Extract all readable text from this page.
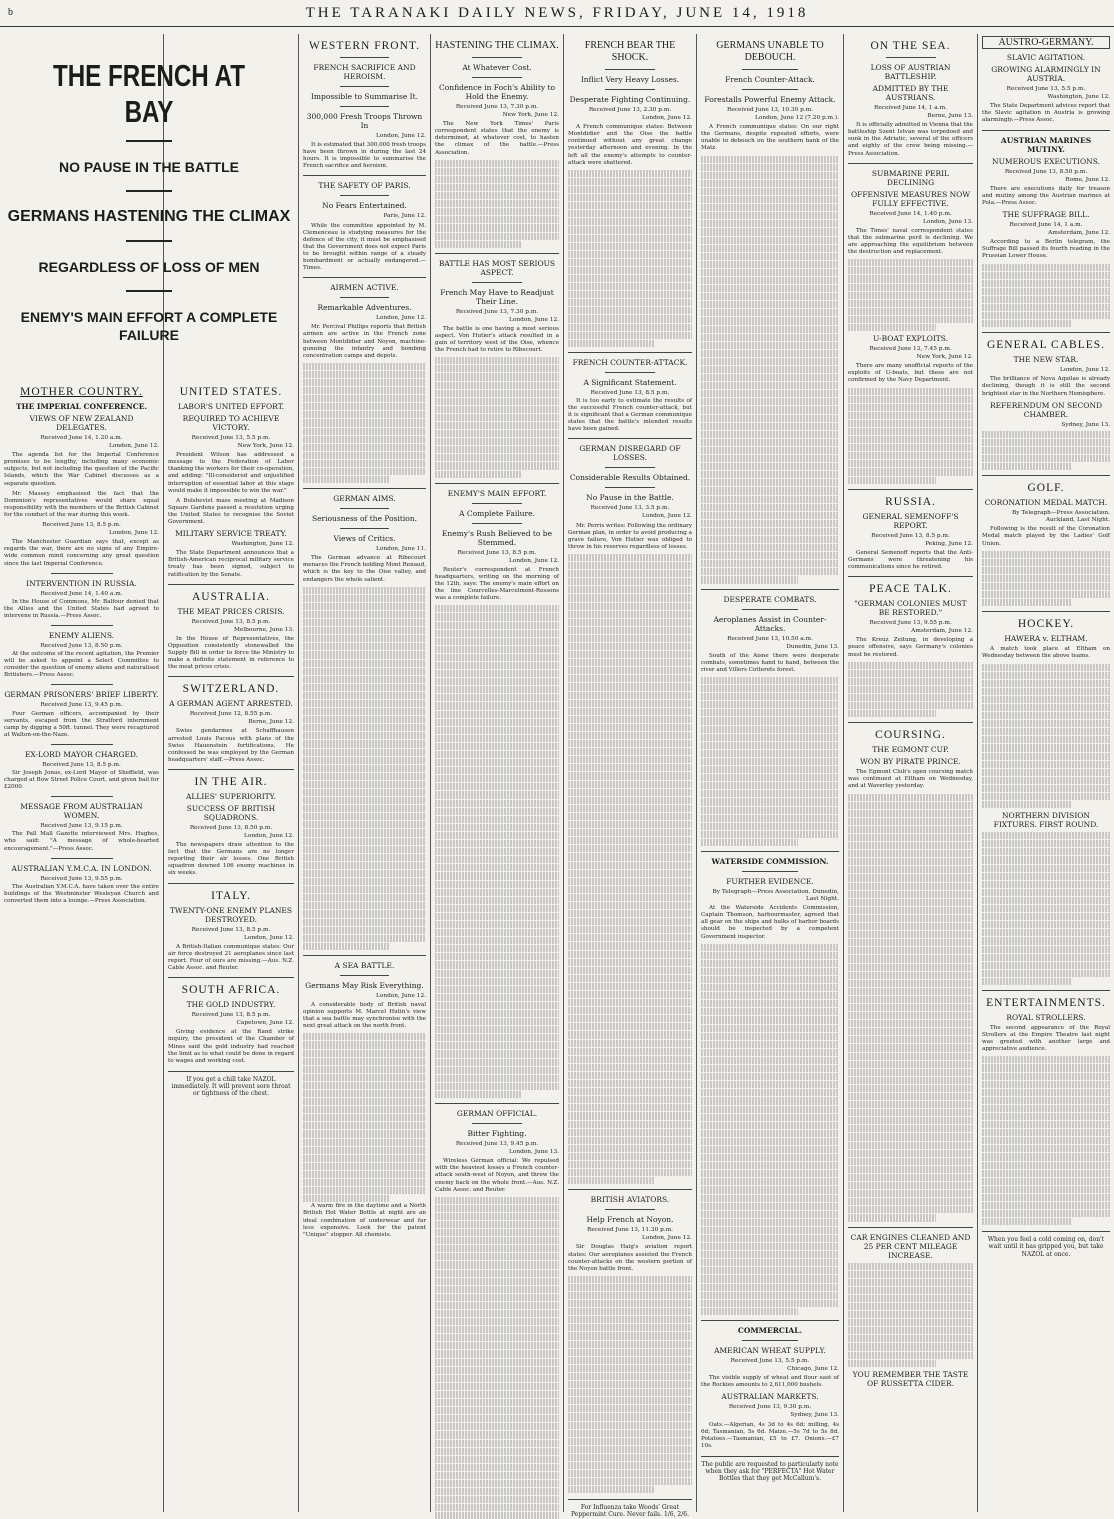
b	THE TARANAKI DAILY NEWS, FRIDAY, JUNE 14, 1918
THE FRENCH AT BAY
NO PAUSE IN THE BATTLE
GERMANS HASTENING THE CLIMAX
REGARDLESS OF LOSS OF MEN
ENEMY'S MAIN EFFORT A COMPLETE FAILURE
MOTHER COUNTRY.
THE IMPERIAL CONFERENCE.
VIEWS OF NEW ZEALAND DELEGATES.
Received June 14, 1.20 a.m.
London, June 12.

The agenda list for the Imperial Conference promises to be lengthy, including many economic subjects, but not including the question of the Pacific Islands, which the War Cabinet discusses as a separate question.

Mr. Massey emphasised the fact that the Dominion's representatives would share equal responsibility with the members of the British Cabinet for the conduct of the war during this week.

Received June 13, 8.5 p.m.
London, June 12.

The Manchester Guardian says that, except as regards the war, there are no signs of any Empire-wide common mind concerning any great question since the last Imperial Conference.

INTERVENTION IN RUSSIA.
Received June 14, 1.40 a.m.

In the House of Commons, Mr. Balfour denied that the Allies and the United States had agreed to intervene in Russia.—Press Assoc.

ENEMY ALIENS.
Received June 13, 8.50 p.m.

At the outcome of the recent agitation, the Premier will be asked to appoint a Select Committee to consider the question of enemy aliens and naturalised Britishers.—Press Assoc.

GERMAN PRISONERS' BRIEF LIBERTY.
Received June 13, 9.45 p.m.

Four German officers, accompanied by their servants, escaped from the Stratford internment camp by digging a 50ft. tunnel. They were recaptured at Walton-on-the-Naze.

EX-LORD MAYOR CHARGED.
Received June 13, 8.5 p.m.

Sir Joseph Jonas, ex-Lord Mayor of Sheffield, was charged at Bow Street Police Court, and given bail for £2000.

MESSAGE FROM AUSTRALIAN WOMEN.
Received June 13, 9.15 p.m.

The Pall Mall Gazette interviewed Mrs. Hughes, who said: "A message of whole-hearted encouragement."—Press Assoc.

AUSTRALIAN Y.M.C.A. IN LONDON.
Received June 13, 9.55 p.m.

The Australian Y.M.C.A. have taken over the entire buildings of the Westminster Wesleyan Church and converted them into a lounge.—Press Association.

UNITED STATES.
LABOR'S UNITED EFFORT.
REQUIRED TO ACHIEVE VICTORY.
Received June 13, 5.5 p.m.
New York, June 12.

President Wilson has addressed a message to the Federation of Labor thanking the workers for their co-operation, and adding: "Ill-considered and unjustified interruption of essential labor at this stage would make it impossible to win the war."

A Bolshevist mass meeting at Madison Square Gardens passed a resolution urging the United States to recognise the Soviet Government.

MILITARY SERVICE TREATY.
Washington, June 12.

The State Department announces that a British-American reciprocal military service treaty has been signed, subject to ratification by the Senate.

AUSTRALIA.
THE MEAT PRICES CRISIS.
Received June 13, 8.5 p.m.
Melbourne, June 13.

In the House of Representatives, the Opposition consistently stonewalled the Supply Bill in order to force the Ministry to make a definite statement in reference to the meat prices crisis.

SWITZERLAND.
A GERMAN AGENT ARRESTED.
Received June 12, 8.55 p.m.
Berne, June 12.

Swiss gendarmes at Schaffhausen arrested Louis Pacous with plans of the Swiss Hauenstein fortifications. He confessed he was employed by the German headquarters' staff.—Press Assoc.

IN THE AIR.
ALLIES' SUPERIORITY.
SUCCESS OF BRITISH SQUADRONS.
Received June 13, 8.50 p.m.
London, June 12.

The newspapers draw attention to the fact that the Germans are no longer reporting their air losses. One British squadron downed 106 enemy machines in six weeks.

ITALY.
TWENTY-ONE ENEMY PLANES DESTROYED.
Received June 13, 8.5 p.m.
London, June 12.

A British-Italian communique states: Our air force destroyed 21 aeroplanes since last report. Four of ours are missing.—Aus. N.Z. Cable Assoc. and Reuter.

SOUTH AFRICA.
THE GOLD INDUSTRY.
Received June 13, 8.5 p.m.
Capetown, June 12.

Giving evidence at the Rand strike inquiry, the president of the Chamber of Mines said the gold industry had reached the limit as to what could be done in regard to wages and working cost.

If you get a chill take NAZOL immediately. It will prevent sore throat or tightness of the chest.
WESTERN FRONT.
FRENCH SACRIFICE AND HEROISM.
Impossible to Summarise It.
300,000 Fresh Troops Thrown In
London, June 12.

It is estimated that 300,000 fresh troops have been thrown in during the last 24 hours. It is impossible to summarise the French sacrifice and heroism.

THE SAFETY OF PARIS.
No Fears Entertained.
Paris, June 12.

While the committee appointed by M. Clemenceau is studying measures for the defence of the city, it must be emphasised that the Government does not expect Paris to be brought within range of a steady bombardment or actually endangered.—Times.

AIRMEN ACTIVE.
Remarkable Adventures.
London, June 12.

Mr. Percival Phillips reports that British airmen are active in the French zone between Montdidier and Noyon, machine-gunning the infantry and bombing concentration camps and depots.

GERMAN AIMS.
Seriousness of the Position.
Views of Critics.
London, June 11.

The German advance at Ribecourt menaces the French holding Mont Renaud, which is the key to the Oise valley, and endangers the whole salient.

A SEA BATTLE.
Germans May Risk Everything.
London, June 12.

A considerable body of British naval opinion supports M. Marcel Hutin's view that a sea battle may synchronise with the next great attack on the north front.

A warm fire in the daytime and a North British Hot Water Bottle at night are an ideal combination of underwear and far less expensive. Look for the patent "Unique" stopper. All chemists.

HASTENING THE CLIMAX.
At Whatever Cost.
Confidence in Foch's Ability to Hold the Enemy.
Received June 13, 7.30 p.m.
New York, June 12.

The New York Times' Paris correspondent states that the enemy is determined, at whatever cost, to hasten the climax of the battle.—Press Association.

BATTLE HAS MOST SERIOUS ASPECT.
French May Have to Readjust Their Line.
Received June 13, 7.30 p.m.
London, June 12.

The battle is one having a most serious aspect. Von Hutier's attack resulted in a gain of territory west of the Oise, whence the French had to retire to Ribecourt.

ENEMY'S MAIN EFFORT.
A Complete Failure.
Enemy's Rush Believed to be Stemmed.
Received June 13, 8.5 p.m.
London, June 12.

Reuter's correspondent at French headquarters, writing on the morning of the 12th, says: The enemy's main effort on the line Courcelles-Marcelmont-Ressons was a complete failure.

GERMAN OFFICIAL.
Bitter Fighting.
Received June 13, 9.45 p.m.
London, June 13.

Wireless German official: We repulsed with the heaviest losses a French counter-attack south-west of Noyon, and threw the enemy back on the whole front.—Aus. N.Z. Cable Assoc. and Reuter.

FRENCH BEAR THE SHOCK.
Inflict Very Heavy Losses.
Desperate Fighting Continuing.
Received June 13, 2.30 p.m.
London, June 12.

A French communique states: Between Montdidier and the Oise the battle continued without any great change yesterday afternoon and evening. In the left all the enemy's attempts to counter-attack were shattered.

FRENCH COUNTER-ATTACK.
A Significant Statement.
Received June 13, 8.5 p.m.

It is too early to estimate the results of the successful French counter-attack, but it is significant that a German communique states that the battle's intended results have been gained.

GERMAN DISREGARD OF LOSSES.
Considerable Results Obtained.
No Pause in the Battle.
Received June 13, 3.5 p.m.
London, June 12.

Mr. Perris writes: Following the ordinary German plan, in order to avoid producing a grave failure, Von Hutier was obliged to throw in his reserves regardless of losses.

BRITISH AVIATORS.
Help French at Noyon.
Received June 13, 11.30 p.m.
London, June 12.

Sir Douglas Haig's aviation report states: Our aeroplanes assisted the French counter-attacks on the western portion of the Noyon battle front.

For Influenza take Woods' Great Peppermint Cure. Never fails. 1/6, 2/6.
GERMANS UNABLE TO DEBOUCH.
French Counter-Attack.
Forestalls Powerful Enemy Attack.
Received June 13, 10.30 p.m.
London, June 12 (7.20 p.m.).

A French communique states: On our right the Germans, despite repeated efforts, were unable to debouch on the southern bank of the Matz.

DESPERATE COMBATS.
Aeroplanes Assist in Counter-Attacks.
Received June 13, 10.50 a.m.
Dunedin, June 13.

South of the Aisne there were desperate combats, sometimes hand to hand, between the river and Villers Cotterets forest.

WATERSIDE COMMISSION.
FURTHER EVIDENCE.
By Telegraph—Press Association. Dunedin, Last Night.

At the Waterside Accidents Commission, Captain Thomson, harbourmaster, agreed that all gear on the ships and hulks of harbor boards should be inspected by a competent Government inspector.

COMMERCIAL.
AMERICAN WHEAT SUPPLY.
Received June 13, 5.5 p.m.
Chicago, June 12.

The visible supply of wheat and flour east of the Rockies amounts to 2,611,000 bushels.

AUSTRALIAN MARKETS.
Received June 13, 9.30 p.m.
Sydney, June 13.

Oats.—Algerian, 4s 3d to 4s 6d; milling, 4s 6d; Tasmanian, 5s 6d. Maize.—5s 7d to 5s 8d. Potatoes.—Tasmanian, £5 to £7. Onions.—£7 10s.

The public are requested to particularly note when they ask for "PERFECTA" Hot Water Bottles that they get McCallum's.
ON THE SEA.
LOSS OF AUSTRIAN BATTLESHIP.
ADMITTED BY THE AUSTRIANS.
Received June 14, 1 a.m.
Berne, June 13.

It is officially admitted in Vienna that the battleship Szent Istvan was torpedoed and sunk in the Adriatic, several of the officers and eighty of the crew being missing.—Press Association.

SUBMARINE PERIL DECLINING
OFFENSIVE MEASURES NOW FULLY EFFECTIVE.
Received June 14, 1.40 p.m.
London, June 13.

The Times' naval correspondent states that the submarine peril is declining. We are approaching the equilibrium between the destruction and replacement.

U-BOAT EXPLOITS.
Received June 13, 7.45 p.m.
New York, June 12.

There are many unofficial reports of the exploits of U-boats, but these are not confirmed by the Navy Department.

RUSSIA.
GENERAL SEMENOFF'S REPORT.
Received June 13, 8.5 p.m.
Peking, June 12.

General Semenoff reports that the Anti-Germans were threatening his communications since he retired.

PEACE TALK.
"GERMAN COLONIES MUST BE RESTORED."
Received June 13, 9.55 p.m.
Amsterdam, June 12.

The Kreuz Zeitung, in developing a peace offensive, says Germany's colonies must be restored.

COURSING.
THE EGMONT CUP.
WON BY PIRATE PRINCE.

The Egmont Club's open coursing match was continued at Eltham on Wednesday, and at Waverley yesterday.

CAR ENGINES CLEANED AND 25 PER CENT MILEAGE INCREASE.
YOU REMEMBER THE TASTE OF RUSSETTA CIDER.
AUSTRO-GERMANY.
SLAVIC AGITATION.
GROWING ALARMINGLY IN AUSTRIA.
Received June 13, 5.5 p.m.
Washington, June 12.

The State Department advices report that the Slavic agitation in Austria is growing alarmingly.—Press Assoc.

AUSTRIAN MARINES MUTINY.
NUMEROUS EXECUTIONS.
Received June 13, 8.50 p.m.
Rome, June 12.

There are executions daily for treason and mutiny among the Austrian marines at Pola.—Press Assoc.

THE SUFFRAGE BILL.
Received June 14, 1 a.m.
Amsterdam, June 12.

According to a Berlin telegram, the Suffrage Bill passed its fourth reading in the Prussian Lower House.

GENERAL CABLES.
THE NEW STAR.
London, June 12.

The brilliance of Nova Aquilae is already declining, though it is still the second brightest star in the Northern Hemisphere.

REFERENDUM ON SECOND CHAMBER.
Sydney, June 13.
GOLF.
CORONATION MEDAL MATCH.
By Telegraph—Press Association. Auckland, Last Night.

Following is the result of the Coronation Medal match played by the Ladies' Golf Union.

HOCKEY.
HAWERA v. ELTHAM.

A match took place at Eltham on Wednesday between the above teams.

NORTHERN DIVISION FIXTURES. FIRST ROUND.
ENTERTAINMENTS.
ROYAL STROLLERS.

The second appearance of the Royal Strollers at the Empire Theatre last night was greeted with another large and appreciative audience.

When you feel a cold coming on, don't wait until it has gripped you, but take NAZOL at once.
